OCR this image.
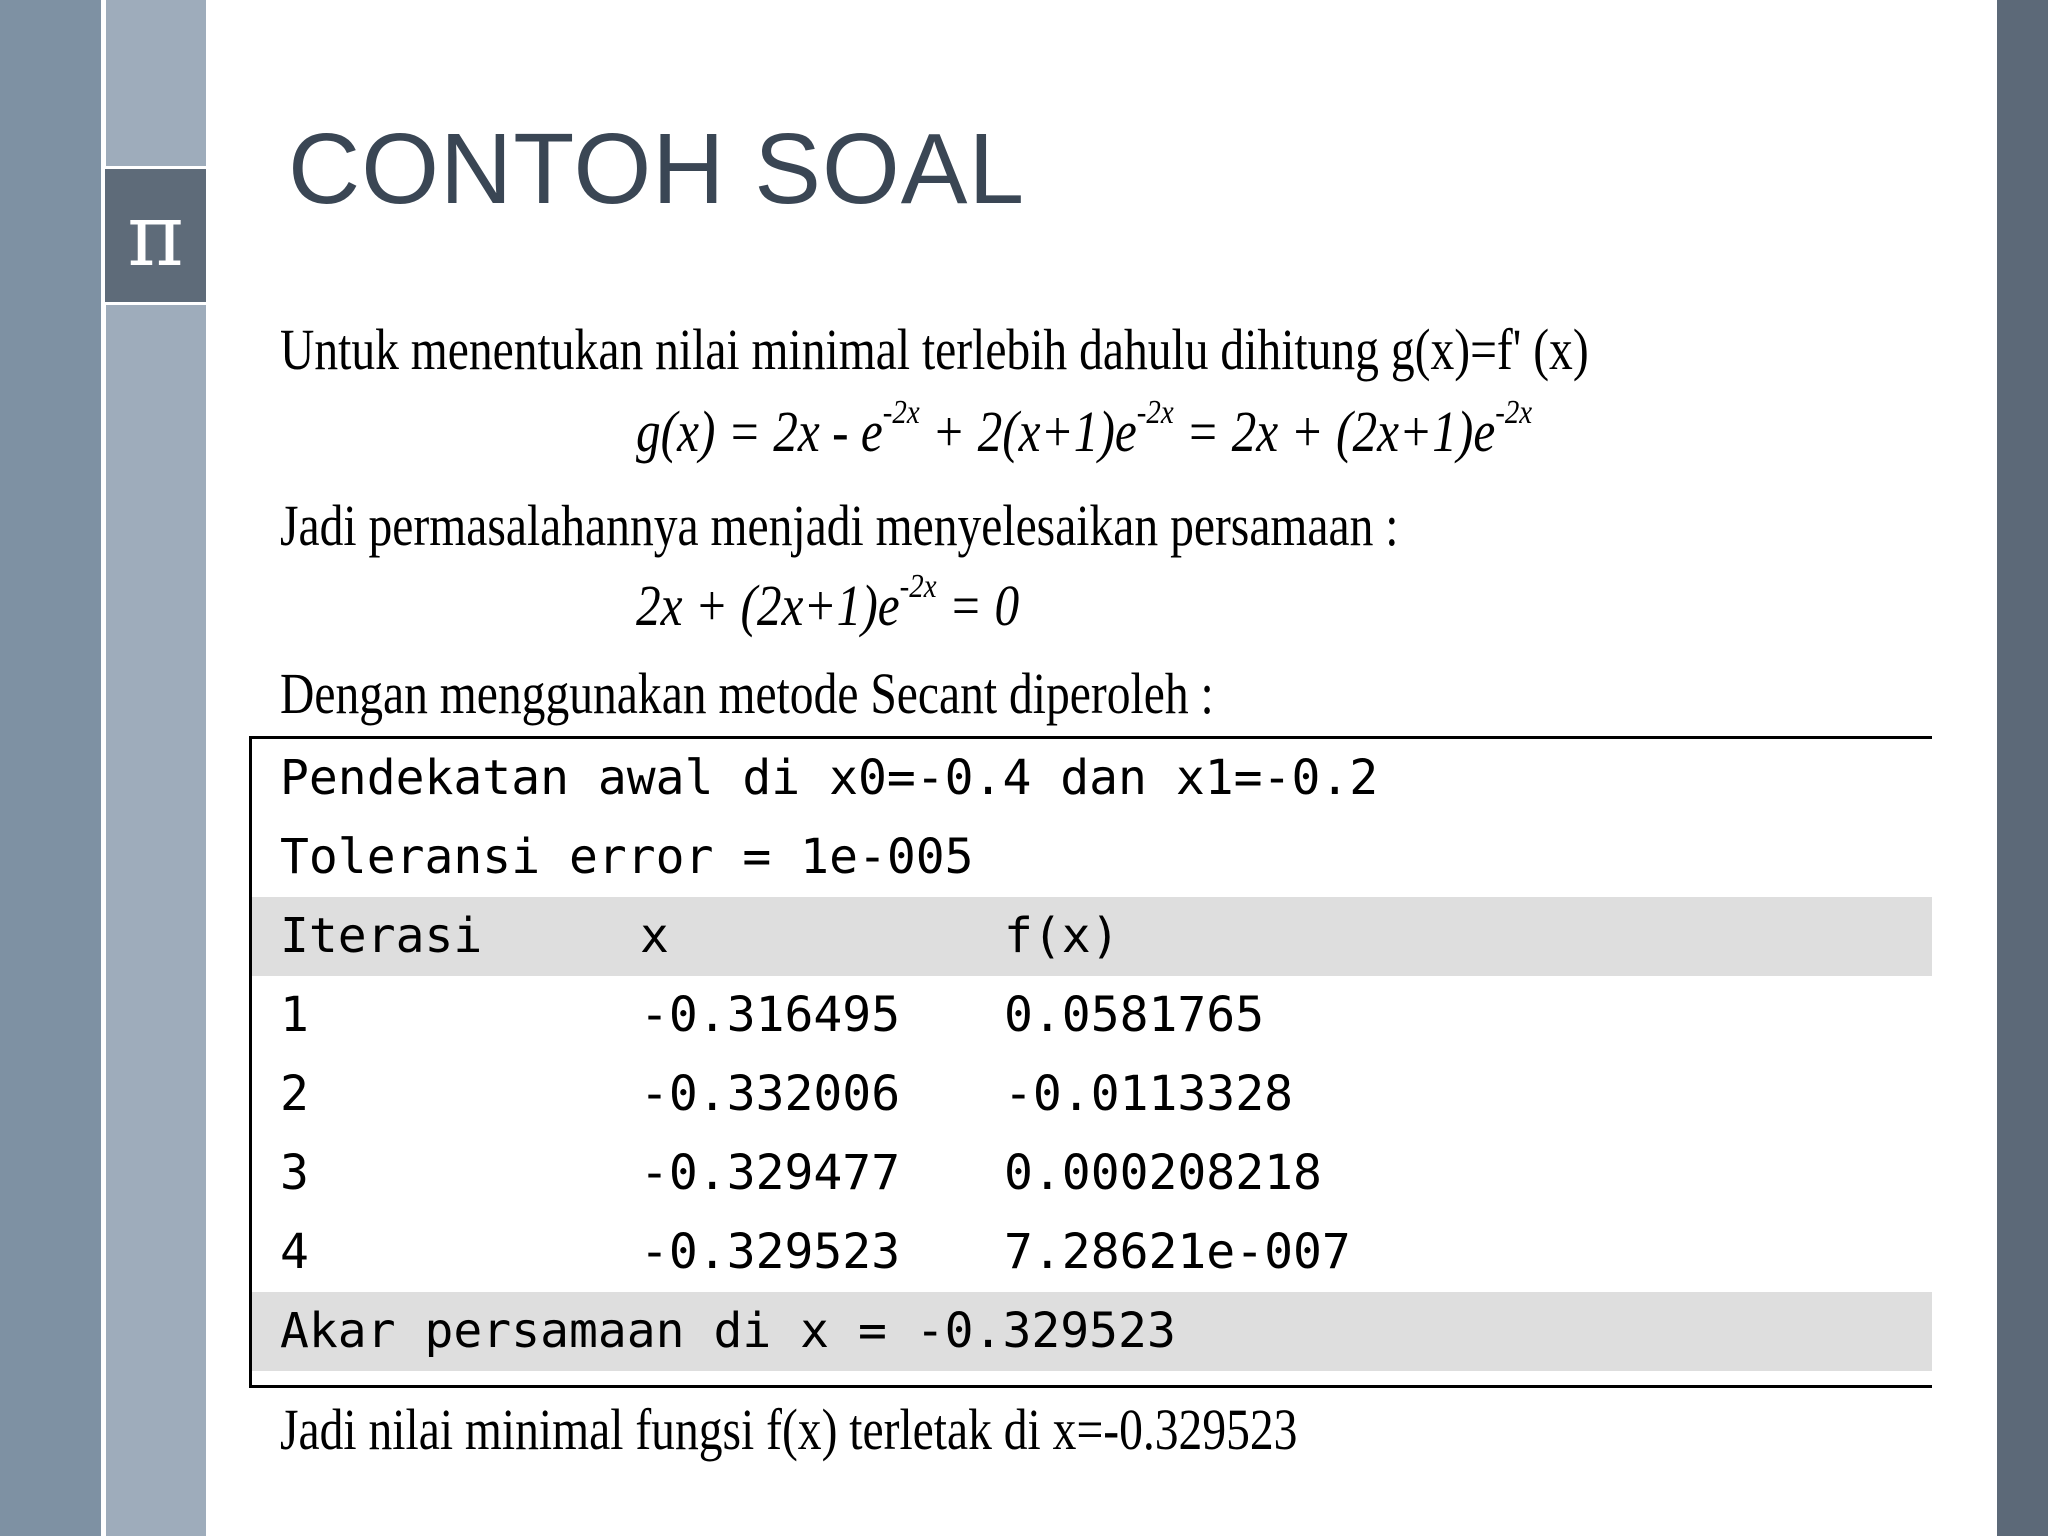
π
CONTOH SOAL
Untuk menentukan nilai minimal terlebih dahulu dihitung g(x)=f' (x)
$g(x) = 2x - e^{-2x} + 2(x+1)e^{-2x} = 2x + (2x+1)e^{-2x}$
Jadi permasalahannya menjadi menyelesaikan persamaan :
$2x + (2x+1)e^{-2x} = 0$
Dengan menggunakan metode Secant diperoleh :
Pendekatan awal di x0=-0.4 dan x1=-0.2
Toleransi error = 1e-005
Iterasi	x	f(x)
1	-0.316495 0.0581765
2	-0.332006 -0.0113328
3	-0.329477 0.000208218
4	-0.329523 7.28621e-007
Akar persamaan di x = -0.329523
Jadi nilai minimal fungsi f(x) terletak di x=-0.329523
